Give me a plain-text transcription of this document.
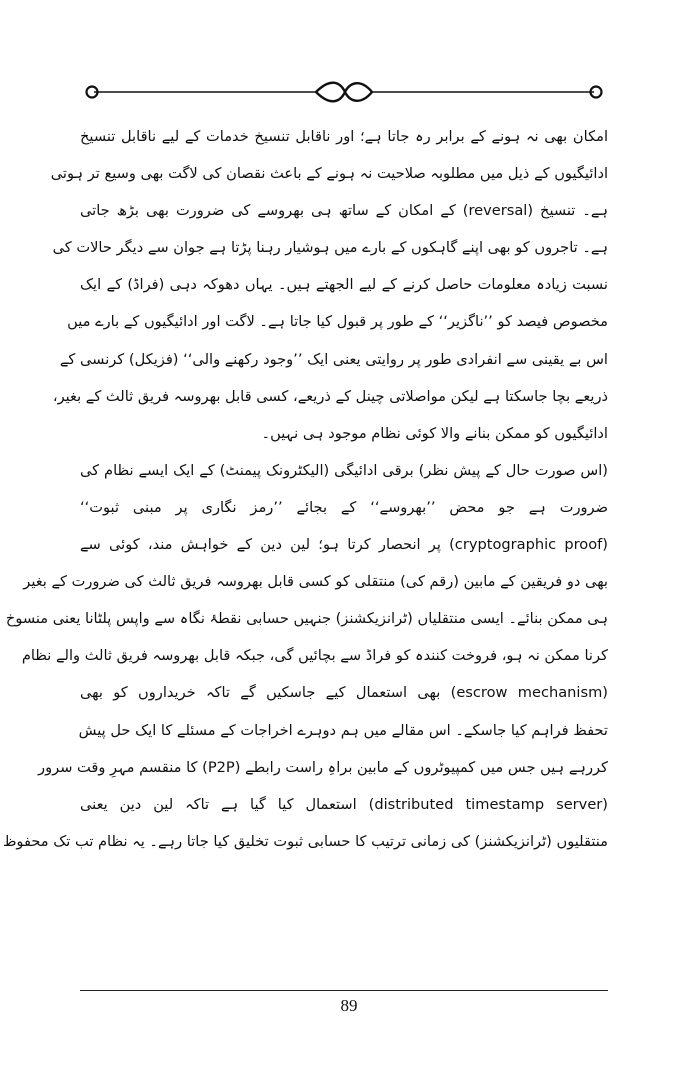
امکان بھی نہ ہونے کے برابر رہ جاتا ہے؛ اور ناقابل تنسیخ خدمات کے لیے ناقابل تنسیخ
ادائیگیوں کے ذیل میں مطلوبہ صلاحیت نہ ہونے کے باعث نقصان کی لاگت بھی وسیع تر ہوتی
ہے۔ تنسیخ (reversal) کے امکان کے ساتھ ہی بھروسے کی ضرورت بھی بڑھ جاتی
ہے۔ تاجروں کو بھی اپنے گاہکوں کے بارے میں ہوشیار رہنا پڑتا ہے جوان سے دیگر حالات کی
نسبت زیادہ معلومات حاصل کرنے کے لیے الجھتے ہیں۔ یہاں دھوکہ دہی (فراڈ) کے ایک
مخصوص فیصد کو ’’ناگزیر‘‘ کے طور پر قبول کیا جاتا ہے۔ لاگت اور ادائیگیوں کے بارے میں
اس بے یقینی سے انفرادی طور پر روایتی یعنی ایک ’’وجود رکھنے والی‘‘ (فزیکل) کرنسی کے
ذریعے بچا جاسکتا ہے لیکن مواصلاتی چینل کے ذریعے، کسی قابل بھروسہ فریق ثالث کے بغیر،
ادائیگیوں کو ممکن بنانے والا کوئی نظام موجود ہی نہیں۔
(اس صورت حال کے پیش نظر) برقی ادائیگی (الیکٹرونک پیمنٹ) کے ایک ایسے نظام کی
ضرورت ہے جو محض ’’بھروسے‘‘ کے بجائے ’’رمز نگاری پر مبنی ثبوت‘‘
(cryptographic proof) پر انحصار کرتا ہو؛ لین دین کے خواہش مند، کوئی سے
بھی دو فریقین کے مابین (رقم کی) منتقلی کو کسی قابل بھروسہ فریق ثالث کی ضرورت کے بغیر
ہی ممکن بنائے۔ ایسی منتقلیاں (ٹرانزیکشنز) جنہیں حسابی نقطۂ نگاہ سے واپس پلٹانا یعنی منسوخ
کرنا ممکن نہ ہو، فروخت کنندہ کو فراڈ سے بچائیں گی، جبکہ قابل بھروسہ فریق ثالث والے نظام
(escrow mechanism) بھی استعمال کیے جاسکیں گے تاکہ خریداروں کو بھی
تحفظ فراہم کیا جاسکے۔ اس مقالے میں ہم دوہرے اخراجات کے مسئلے کا ایک حل پیش
کررہے ہیں جس میں کمپیوٹروں کے مابین براہِ راست رابطے (P2P) کا منقسم مہرِ وقت سرور
(distributed timestamp server) استعمال کیا گیا ہے تاکہ لین دین یعنی
منتقلیوں (ٹرانزیکشنز) کی زمانی ترتیب کا حسابی ثبوت تخلیق کیا جاتا رہے۔ یہ نظام تب تک محفوظ
89
